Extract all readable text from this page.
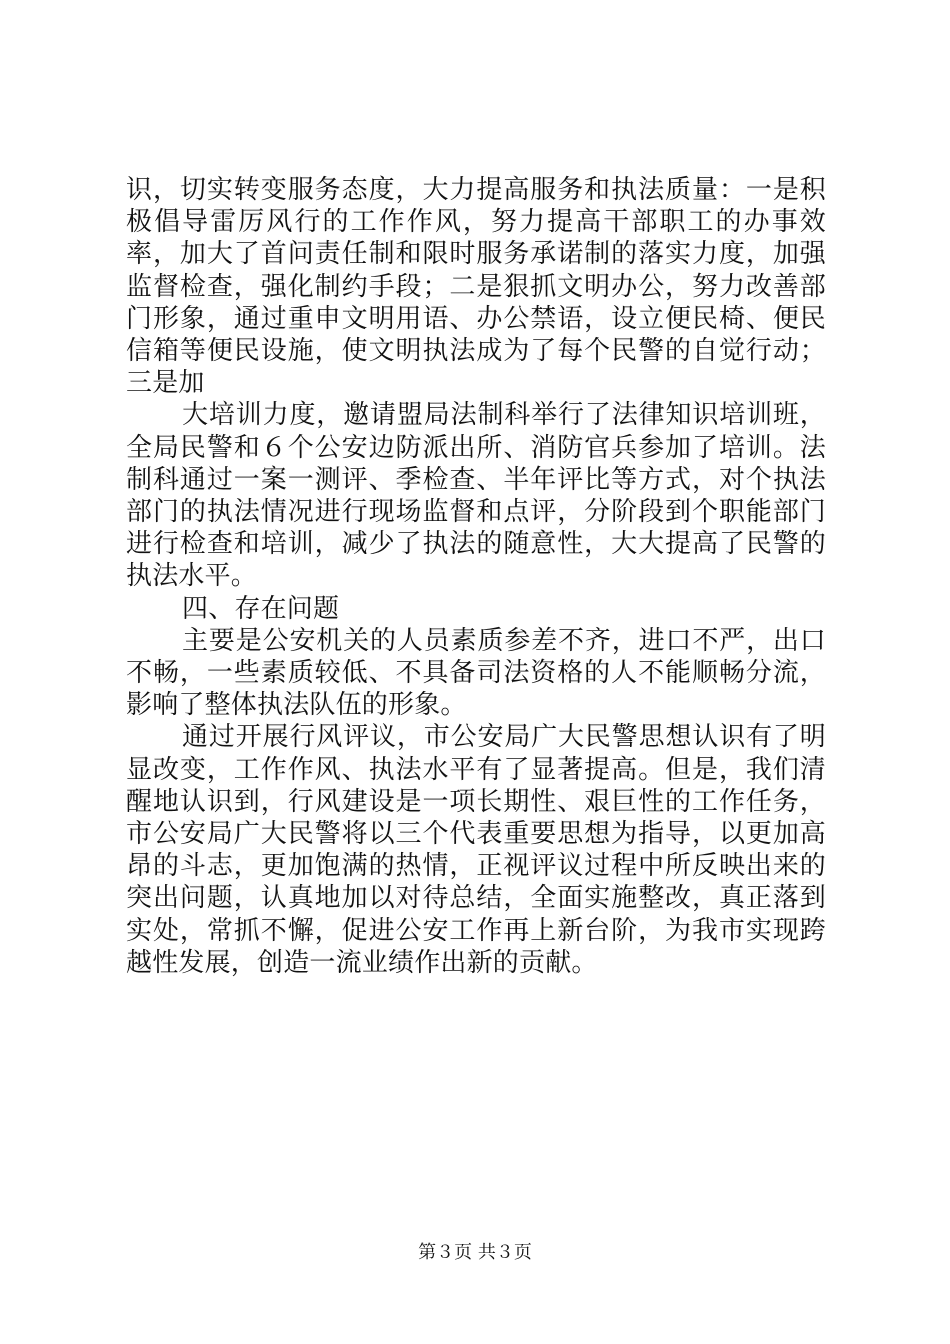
识，切实转变服务态度，大力提高服务和执法质量：一是积极倡导雷厉风行的工作作风，努力提高干部职工的办事效率，加大了首问责任制和限时服务承诺制的落实力度，加强监督检查，强化制约手段；二是狠抓文明办公，努力改善部门形象，通过重申文明用语、办公禁语，设立便民椅、便民信箱等便民设施，使文明执法成为了每个民警的自觉行动；三是加

大培训力度，邀请盟局法制科举行了法律知识培训班，全局民警和６个公安边防派出所、消防官兵参加了培训。法制科通过一案一测评、季检查、半年评比等方式，对个执法部门的执法情况进行现场监督和点评，分阶段到个职能部门进行检查和培训，减少了执法的随意性，大大提高了民警的执法水平。

四、存在问题

主要是公安机关的人员素质参差不齐，进口不严，出口不畅，一些素质较低、不具备司法资格的人不能顺畅分流，影响了整体执法队伍的形象。

通过开展行风评议，市公安局广大民警思想认识有了明显改变，工作作风、执法水平有了显著提高。但是，我们清醒地认识到，行风建设是一项长期性、艰巨性的工作任务，市公安局广大民警将以三个代表重要思想为指导，以更加高昂的斗志，更加饱满的热情，正视评议过程中所反映出来的突出问题，认真地加以对待总结，全面实施整改，真正落到实处，常抓不懈，促进公安工作再上新台阶，为我市实现跨越性发展，创造一流业绩作出新的贡献。

第３页 共３页
